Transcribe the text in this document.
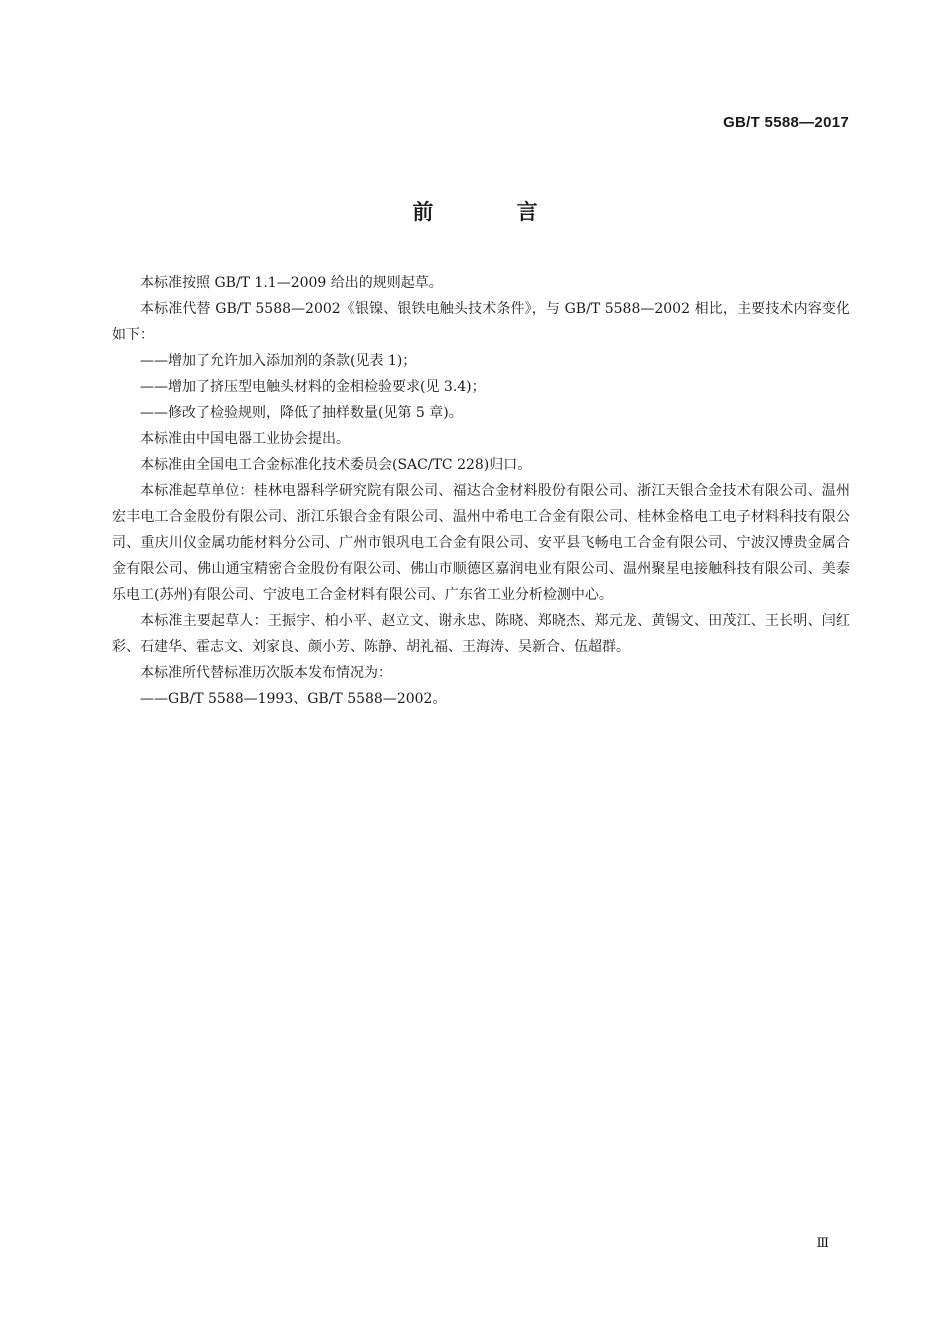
GB/T 5588—2017
前 言

本标准按照 GB/T 1.1—2009 给出的规则起草。

本标准代替 GB/T 5588—2002《银镍、银铁电触头技术条件》，与 GB/T 5588—2002 相比，主要技术内容变化如下：

——增加了允许加入添加剂的条款(见表 1)；

——增加了挤压型电触头材料的金相检验要求(见 3.4)；

——修改了检验规则，降低了抽样数量(见第 5 章)。

本标准由中国电器工业协会提出。

本标准由全国电工合金标准化技术委员会(SAC/TC 228)归口。

本标准起草单位：桂林电器科学研究院有限公司、福达合金材料股份有限公司、浙江天银合金技术有限公司、温州宏丰电工合金股份有限公司、浙江乐银合金有限公司、温州中希电工合金有限公司、桂林金格电工电子材料科技有限公司、重庆川仪金属功能材料分公司、广州市银巩电工合金有限公司、安平县飞畅电工合金有限公司、宁波汉博贵金属合金有限公司、佛山通宝精密合金股份有限公司、佛山市顺德区嘉润电业有限公司、温州聚星电接触科技有限公司、美泰乐电工(苏州)有限公司、宁波电工合金材料有限公司、广东省工业分析检测中心。

本标准主要起草人：王振宇、柏小平、赵立文、谢永忠、陈晓、郑晓杰、郑元龙、黄锡文、田茂江、王长明、闫红彩、石建华、霍志文、刘家良、颜小芳、陈静、胡礼福、王海涛、吴新合、伍超群。

本标准所代替标准历次版本发布情况为：

——GB/T 5588—1993、GB/T 5588—2002。

Ⅲ
